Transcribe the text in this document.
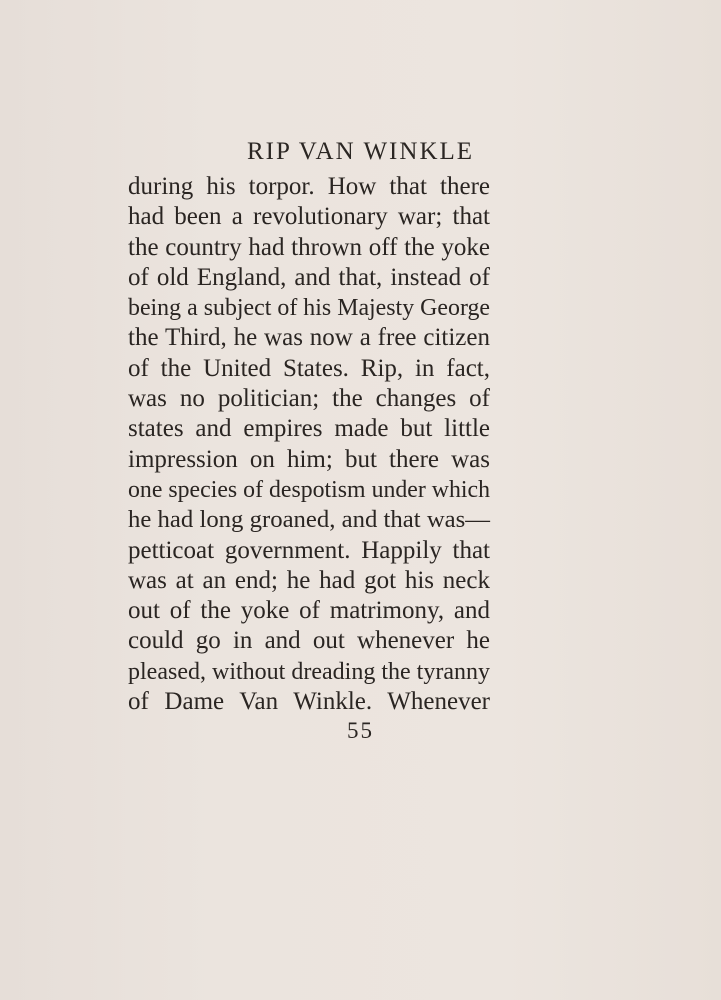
RIP VAN WINKLE
during his torpor. How that there
had been a revolutionary war; that
the country had thrown off the yoke
of old England, and that, instead of
being a subject of his Majesty George
the Third, he was now a free citizen
of the United States. Rip, in fact,
was no politician; the changes of
states and empires made but little
impression on him; but there was
one species of despotism under which
he had long groaned, and that was—
petticoat government. Happily that
was at an end; he had got his neck
out of the yoke of matrimony, and
could go in and out whenever he
pleased, without dreading the tyranny
of Dame Van Winkle. Whenever
55
